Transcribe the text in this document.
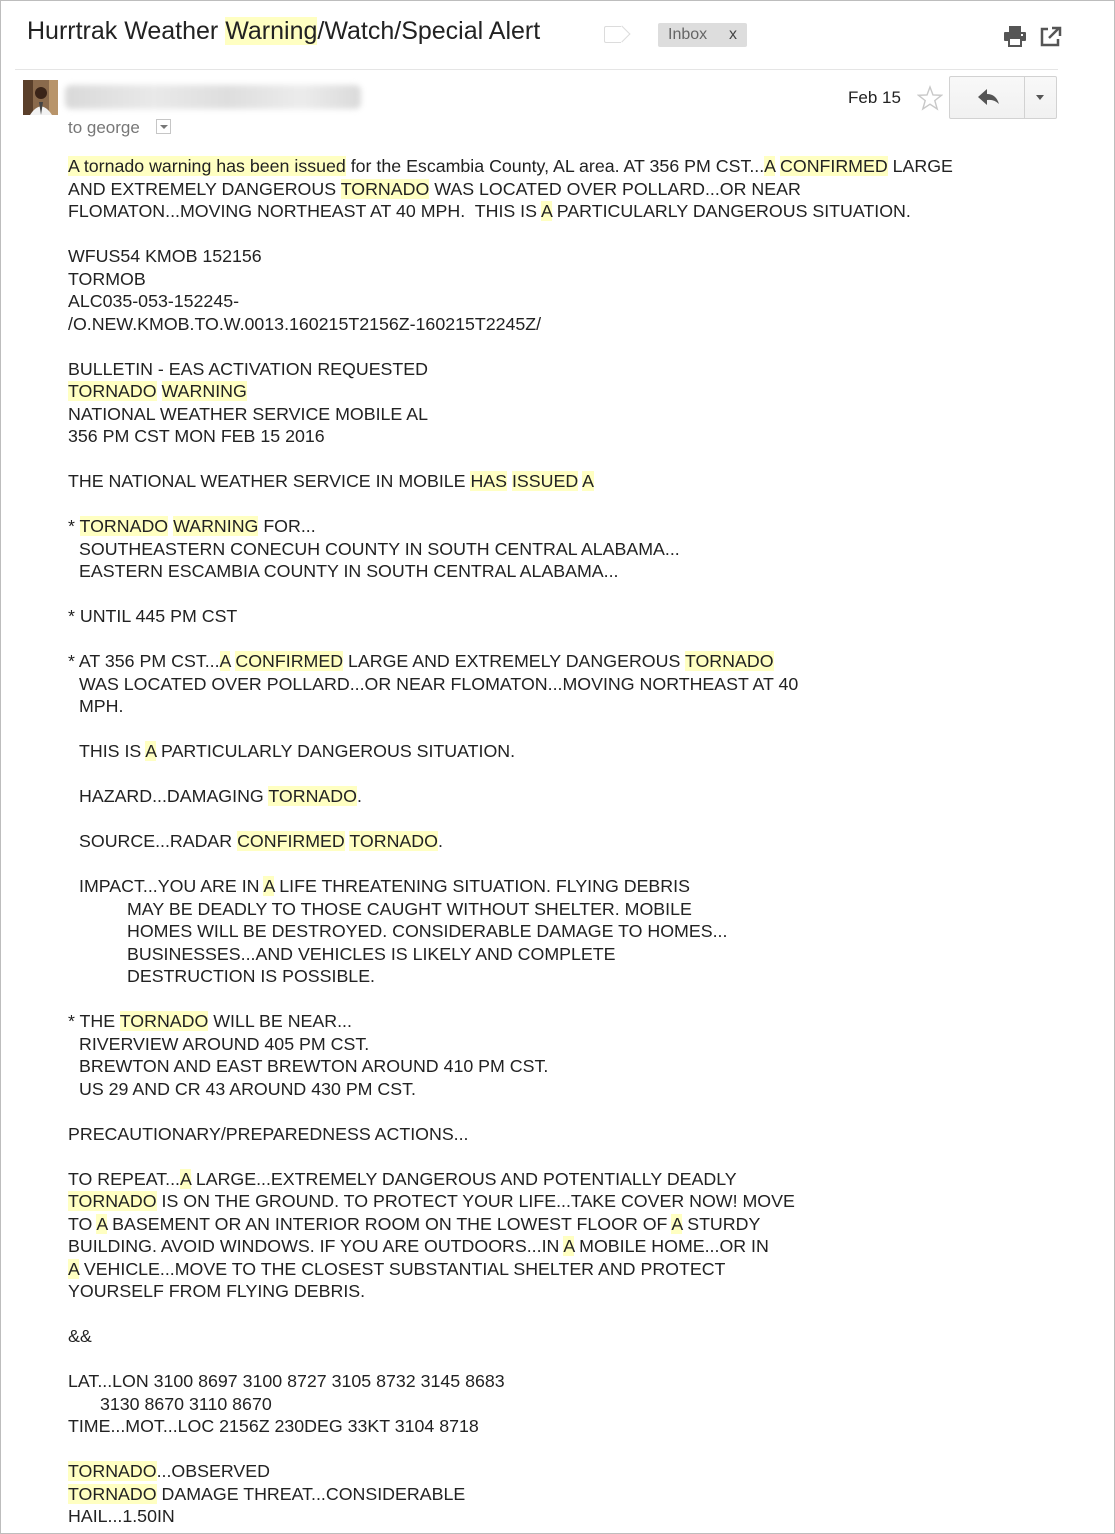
Hurrtrak Weather Warning/Watch/Special Alert	Inbox x
to george
Feb 15
A tornado warning has been issued for the Escambia County, AL area. AT 356 PM CST...A CONFIRMED LARGE
AND EXTREMELY DANGEROUS TORNADO WAS LOCATED OVER POLLARD...OR NEAR
FLOMATON...MOVING NORTHEAST AT 40 MPH.  THIS IS A PARTICULARLY DANGEROUS SITUATION.
WFUS54 KMOB 152156
TORMOB
ALC035-053-152245-
/O.NEW.KMOB.TO.W.0013.160215T2156Z-160215T2245Z/
BULLETIN - EAS ACTIVATION REQUESTED
TORNADO WARNING
NATIONAL WEATHER SERVICE MOBILE AL
356 PM CST MON FEB 15 2016
THE NATIONAL WEATHER SERVICE IN MOBILE HAS ISSUED A
* TORNADO WARNING FOR...
SOUTHEASTERN CONECUH COUNTY IN SOUTH CENTRAL ALABAMA...
EASTERN ESCAMBIA COUNTY IN SOUTH CENTRAL ALABAMA...
* UNTIL 445 PM CST
* AT 356 PM CST...A CONFIRMED LARGE AND EXTREMELY DANGEROUS TORNADO
WAS LOCATED OVER POLLARD...OR NEAR FLOMATON...MOVING NORTHEAST AT 40
MPH.
THIS IS A PARTICULARLY DANGEROUS SITUATION.
HAZARD...DAMAGING TORNADO.
SOURCE...RADAR CONFIRMED TORNADO.
IMPACT...YOU ARE IN A LIFE THREATENING SITUATION. FLYING DEBRIS
MAY BE DEADLY TO THOSE CAUGHT WITHOUT SHELTER. MOBILE
HOMES WILL BE DESTROYED. CONSIDERABLE DAMAGE TO HOMES...
BUSINESSES...AND VEHICLES IS LIKELY AND COMPLETE
DESTRUCTION IS POSSIBLE.
* THE TORNADO WILL BE NEAR...
RIVERVIEW AROUND 405 PM CST.
BREWTON AND EAST BREWTON AROUND 410 PM CST.
US 29 AND CR 43 AROUND 430 PM CST.
PRECAUTIONARY/PREPAREDNESS ACTIONS...
TO REPEAT...A LARGE...EXTREMELY DANGEROUS AND POTENTIALLY DEADLY
TORNADO IS ON THE GROUND. TO PROTECT YOUR LIFE...TAKE COVER NOW! MOVE
TO A BASEMENT OR AN INTERIOR ROOM ON THE LOWEST FLOOR OF A STURDY
BUILDING. AVOID WINDOWS. IF YOU ARE OUTDOORS...IN A MOBILE HOME...OR IN
A VEHICLE...MOVE TO THE CLOSEST SUBSTANTIAL SHELTER AND PROTECT
YOURSELF FROM FLYING DEBRIS.
&&
LAT...LON 3100 8697 3100 8727 3105 8732 3145 8683
3130 8670 3110 8670
TIME...MOT...LOC 2156Z 230DEG 33KT 3104 8718
TORNADO...OBSERVED
TORNADO DAMAGE THREAT...CONSIDERABLE
HAIL...1.50IN
